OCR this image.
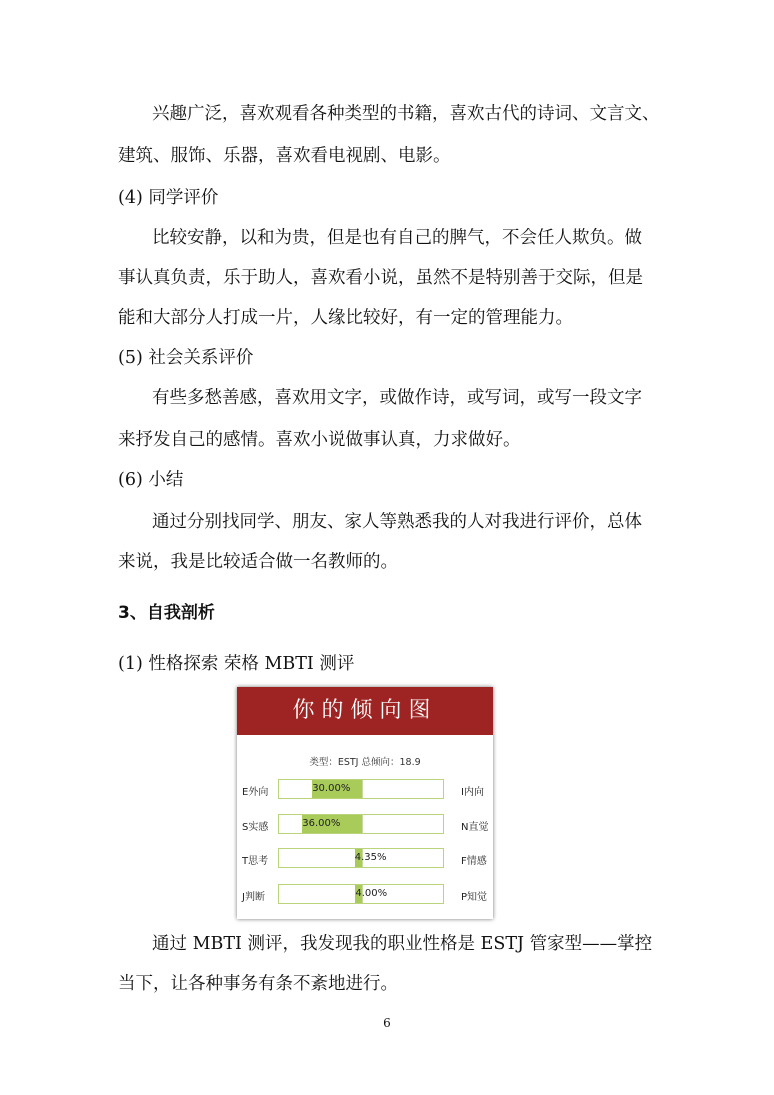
兴趣广泛，喜欢观看各种类型的书籍，喜欢古代的诗词、文言文、
建筑、服饰、乐器，喜欢看电视剧、电影。
(4) 同学评价
比较安静，以和为贵，但是也有自己的脾气，不会任人欺负。做
事认真负责，乐于助人，喜欢看小说，虽然不是特别善于交际，但是
能和大部分人打成一片，人缘比较好，有一定的管理能力。
(5) 社会关系评价
有些多愁善感，喜欢用文字，或做作诗，或写词，或写一段文字
来抒发自己的感情。喜欢小说做事认真，力求做好。
(6) 小结
通过分别找同学、朋友、家人等熟悉我的人对我进行评价，总体
来说，我是比较适合做一名教师的。
3、自我剖析
(1) 性格探索 荣格 MBTI 测评
你的倾向图
类型：ESTJ 总倾向：18.9
E外向	30.00%	I内向
S实感	36.00%	N直觉
T思考	4.35%	F情感
J判断	4.00%	P知觉
通过 MBTI 测评，我发现我的职业性格是 ESTJ 管家型——掌控
当下，让各种事务有条不紊地进行。
6
